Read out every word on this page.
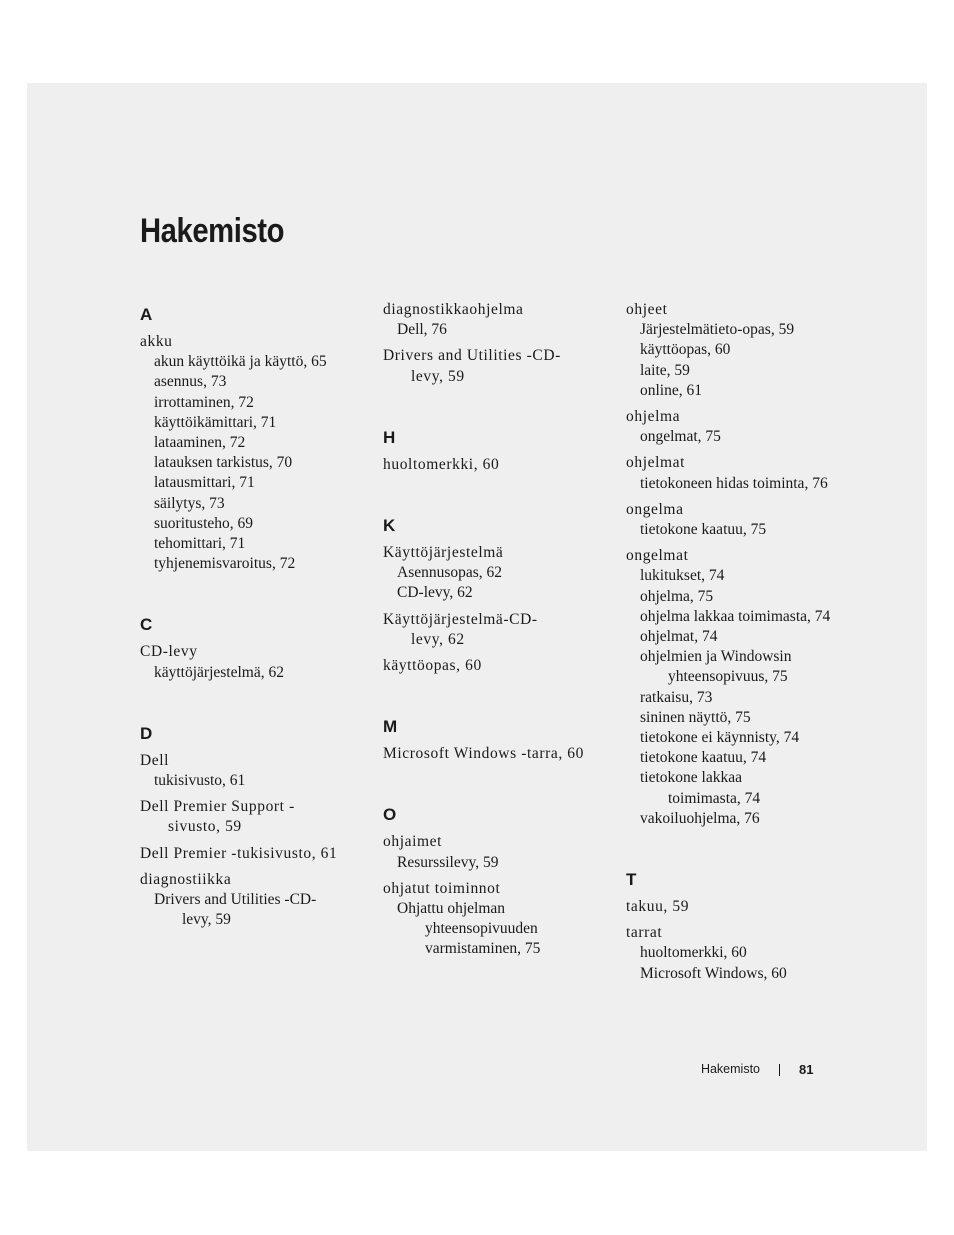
Hakemisto
A
akku
akun käyttöikä ja käyttö, 65
asennus, 73
irrottaminen, 72
käyttöikämittari, 71
lataaminen, 72
latauksen tarkistus, 70
latausmittari, 71
säilytys, 73
suoritusteho, 69
tehomittari, 71
tyhjenemisvaroitus, 72
C
CD-levy
käyttöjärjestelmä, 62
D
Dell
tukisivusto, 61
Dell Premier Support -
sivusto, 59
Dell Premier -tukisivusto, 61
diagnostiikka
Drivers and Utilities -CD-
levy, 59
diagnostikkaohjelma
Dell, 76
Drivers and Utilities -CD-
levy, 59
H
huoltomerkki, 60
K
Käyttöjärjestelmä
Asennusopas, 62
CD-levy, 62
Käyttöjärjestelmä-CD-
levy, 62
käyttöopas, 60
M
Microsoft Windows -tarra, 60
O
ohjaimet
Resurssilevy, 59
ohjatut toiminnot
Ohjattu ohjelman
yhteensopivuuden
varmistaminen, 75
ohjeet
Järjestelmätieto-opas, 59
käyttöopas, 60
laite, 59
online, 61
ohjelma
ongelmat, 75
ohjelmat
tietokoneen hidas toiminta, 76
ongelma
tietokone kaatuu, 75
ongelmat
lukitukset, 74
ohjelma, 75
ohjelma lakkaa toimimasta, 74
ohjelmat, 74
ohjelmien ja Windowsin
yhteensopivuus, 75
ratkaisu, 73
sininen näyttö, 75
tietokone ei käynnisty, 74
tietokone kaatuu, 74
tietokone lakkaa
toimimasta, 74
vakoiluohjelma, 76
T
takuu, 59
tarrat
huoltomerkki, 60
Microsoft Windows, 60
Hakemisto	81
